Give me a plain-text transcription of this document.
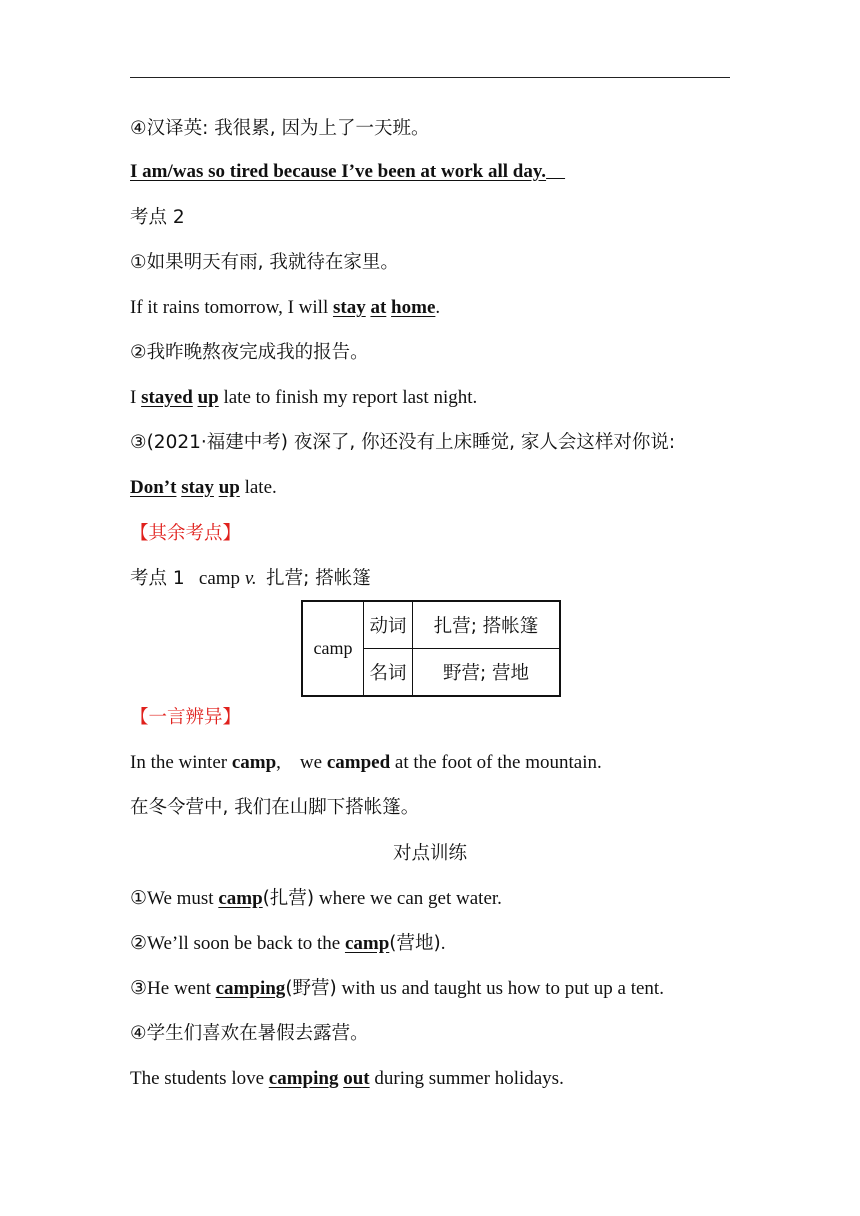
④汉译英: 我很累, 因为上了一天班。
I am/was so tired because I’ve been at work all day.
考点 2
①如果明天有雨, 我就待在家里。
If it rains tomorrow, I will stay at home.
②我昨晚熬夜完成我的报告。
I stayed up late to finish my report last night.
③(2021·福建中考) 夜深了, 你还没有上床睡觉, 家人会这样对你说:
Don’t stay up late.
【其余考点】
考点 1 camp v. 扎营; 搭帐篷
camp	动词	扎营; 搭帐篷
	名词	野营; 营地
【一言辨异】
In the winter camp,    we camped at the foot of the mountain.
在冬令营中, 我们在山脚下搭帐篷。
对点训练
①We must camp(扎营) where we can get water.
②We’ll soon be back to the camp(营地).
③He went camping(野营) with us and taught us how to put up a tent.
④学生们喜欢在暑假去露营。
The students love camping out during summer holidays.
